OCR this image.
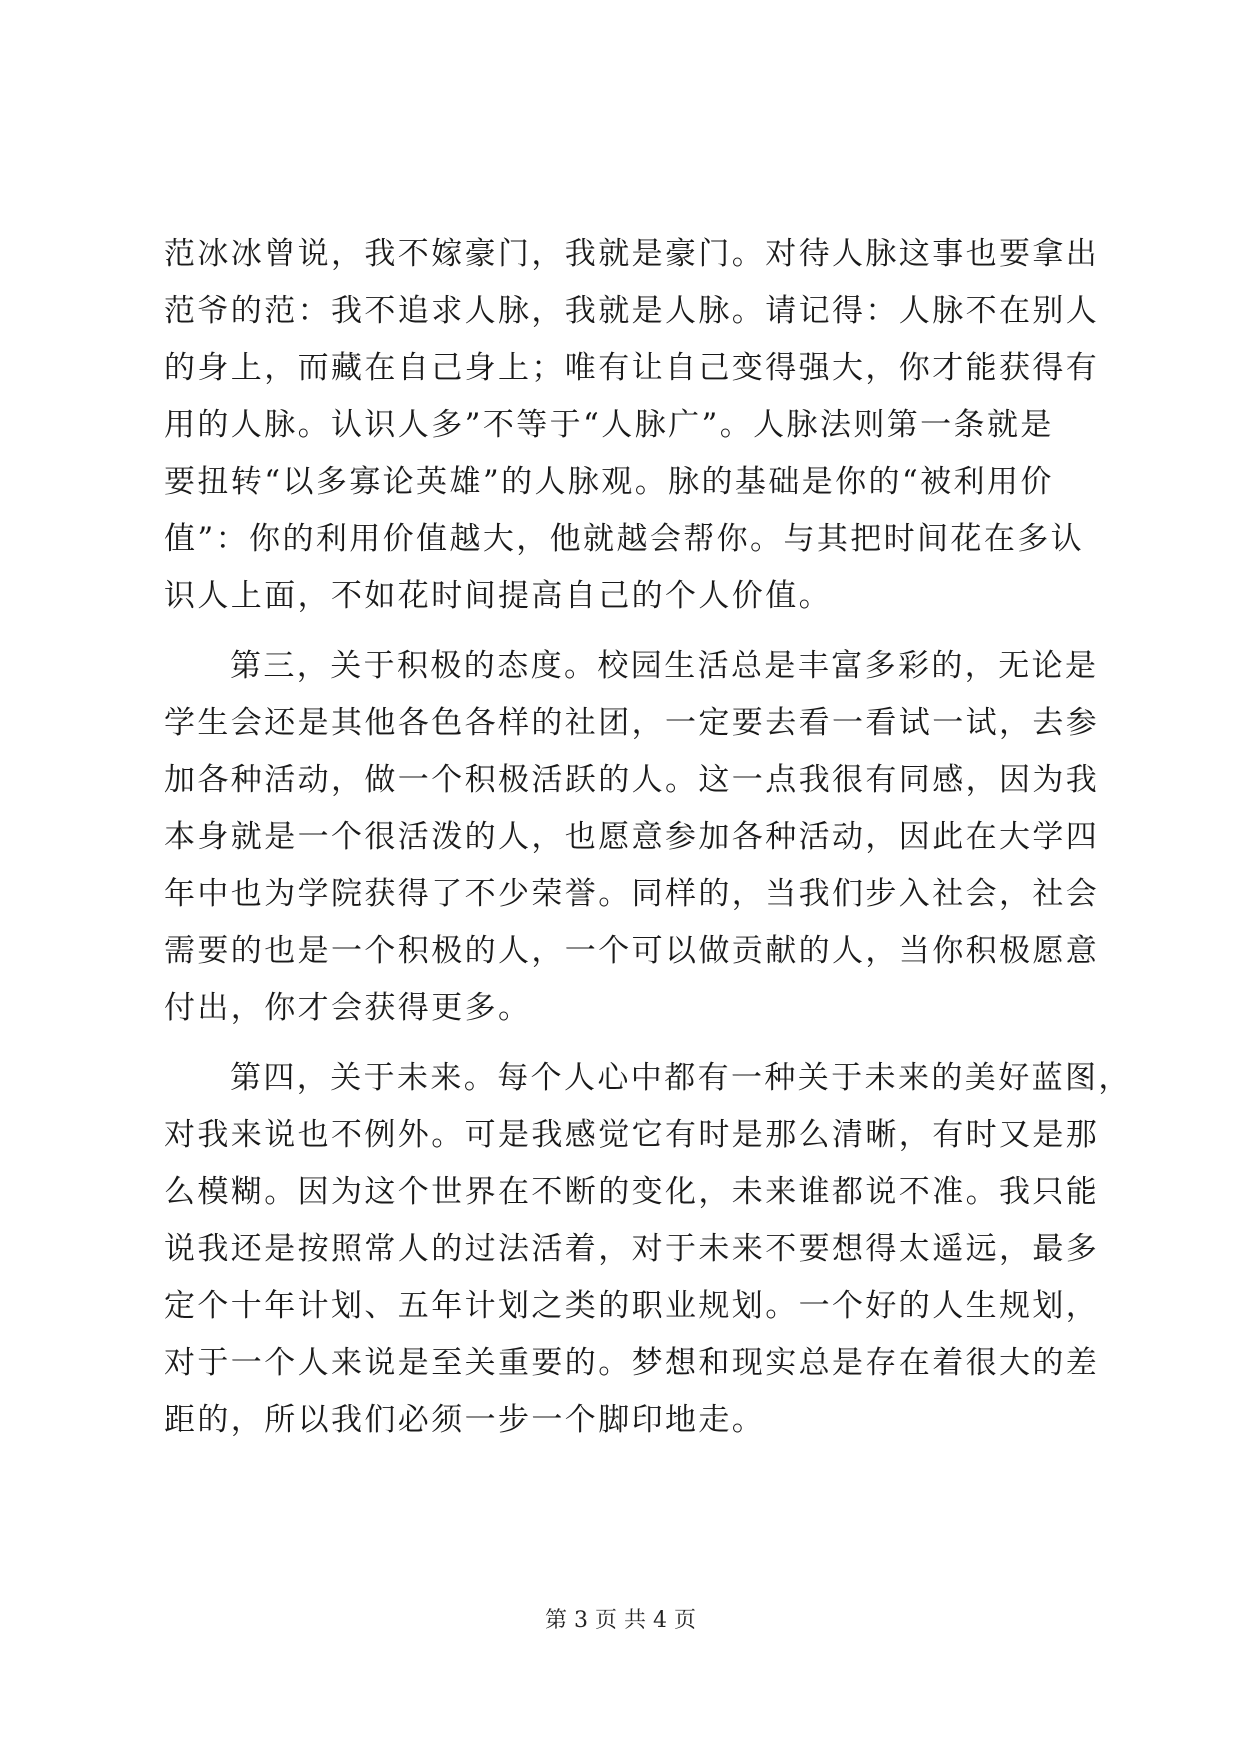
范冰冰曾说，我不嫁豪门，我就是豪门。对待人脉这事也要拿出
范爷的范：我不追求人脉，我就是人脉。请记得：人脉不在别人
的身上，而藏在自己身上；唯有让自己变得强大，你才能获得有
用的人脉。认识人多”不等于“人脉广”。人脉法则第一条就是
要扭转“以多寡论英雄”的人脉观。脉的基础是你的“被利用价
值”：你的利用价值越大，他就越会帮你。与其把时间花在多认
识人上面，不如花时间提高自己的个人价值。
第三，关于积极的态度。校园生活总是丰富多彩的，无论是
学生会还是其他各色各样的社团，一定要去看一看试一试，去参
加各种活动，做一个积极活跃的人。这一点我很有同感，因为我
本身就是一个很活泼的人，也愿意参加各种活动，因此在大学四
年中也为学院获得了不少荣誉。同样的，当我们步入社会，社会
需要的也是一个积极的人，一个可以做贡献的人，当你积极愿意
付出，你才会获得更多。
第四，关于未来。每个人心中都有一种关于未来的美好蓝图，
对我来说也不例外。可是我感觉它有时是那么清晰，有时又是那
么模糊。因为这个世界在不断的变化，未来谁都说不准。我只能
说我还是按照常人的过法活着，对于未来不要想得太遥远，最多
定个十年计划、五年计划之类的职业规划。一个好的人生规划，
对于一个人来说是至关重要的。梦想和现实总是存在着很大的差
距的，所以我们必须一步一个脚印地走。
第 3 页 共 4 页
